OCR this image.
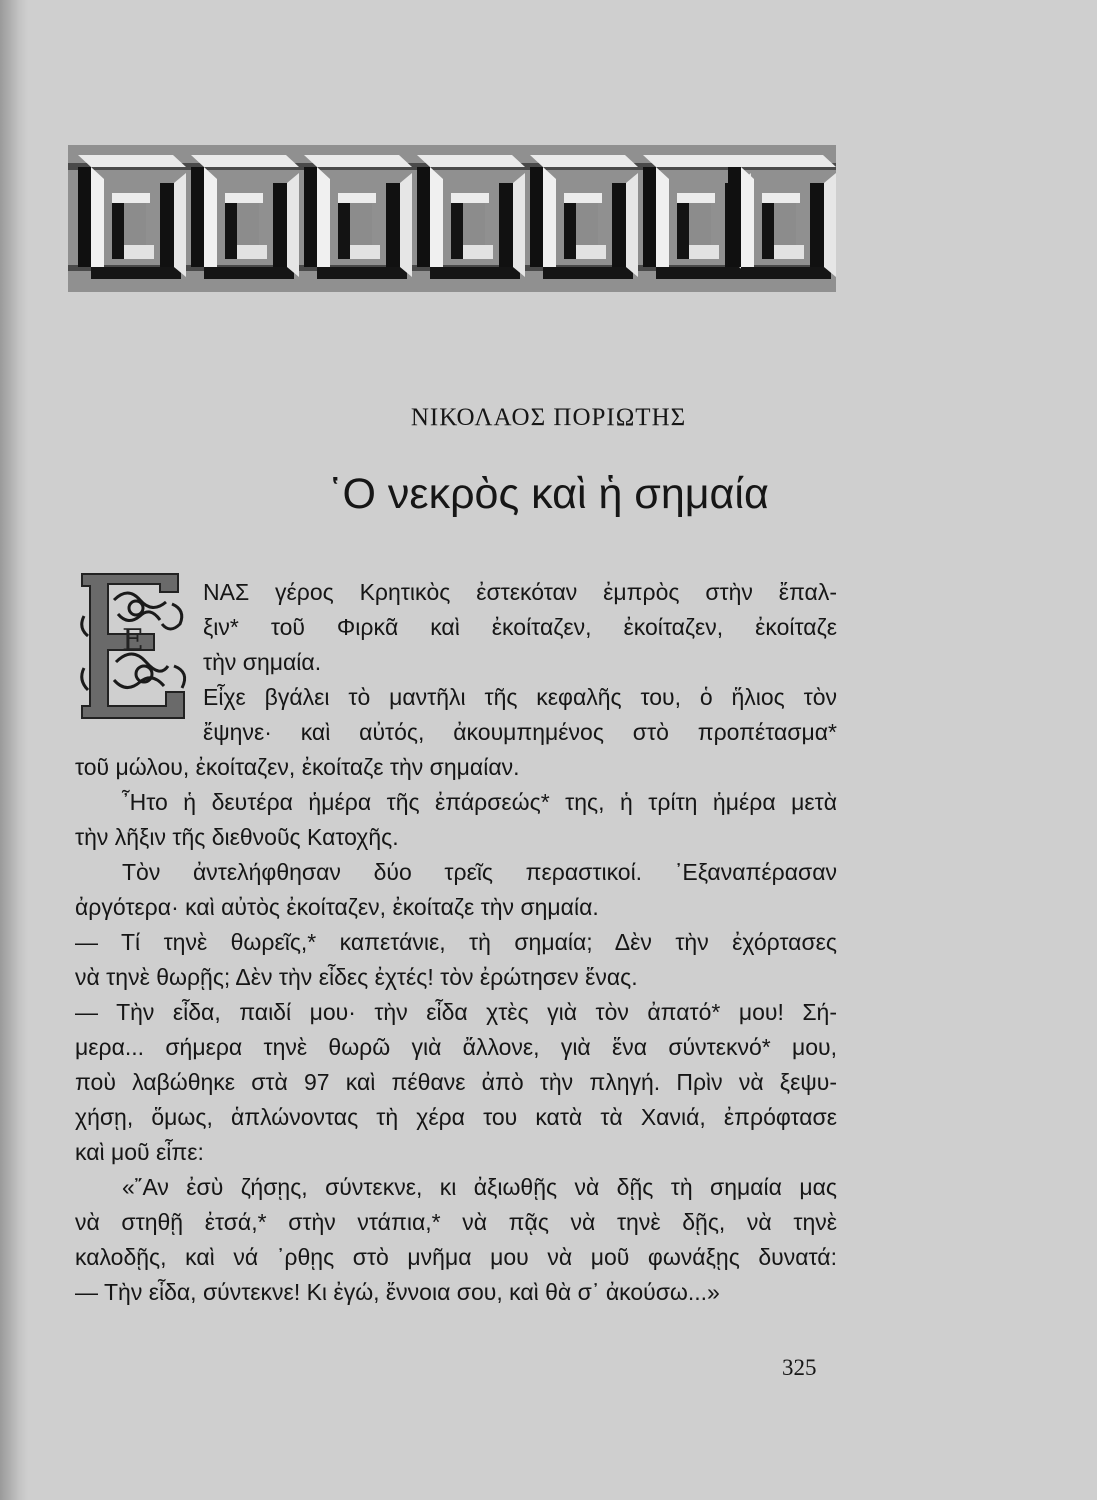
ΝΙΚΟΛΑΟΣ ΠΟΡΙΩΤΗΣ
῾Ο νεκρὸς καὶ ἡ σημαία
Ε
ΝΑΣ γέρος Κρητικὸς ἐστεκόταν ἐμπρὸς στὴν ἔπαλ-
ξιν* τοῦ Φιρκᾶ καὶ ἐκοίταζεν, ἐκοίταζεν, ἐκοίταζε
τὴν σημαία.
Εἶχε βγάλει τὸ μαντῆλι τῆς κεφαλῆς του, ὁ ἥλιος τὸν
ἔψηνε· καὶ αὐτός, ἀκουμπημένος στὸ προπέτασμα*
τοῦ μώλου, ἐκοίταζεν, ἐκοίταζε τὴν σημαίαν.
῏Ητο ἡ δευτέρα ἡμέρα τῆς ἐπάρσεώς* της, ἡ τρίτη ἡμέρα μετὰ
τὴν λῆξιν τῆς διεθνοῦς Κατοχῆς.
Τὸν ἀντελήφθησαν δύο τρεῖς περαστικοί. ᾿Εξαναπέρασαν
ἀργότερα· καὶ αὐτὸς ἐκοίταζεν, ἐκοίταζε τὴν σημαία.
— Τί τηνὲ θωρεῖς,* καπετάνιε, τὴ σημαία; Δὲν τὴν ἐχόρτασες
νὰ τηνὲ θωρῇς; Δὲν τὴν εἶδες ἐχτές! τὸν ἐρώτησεν ἕνας.
— Τὴν εἶδα, παιδί μου· τὴν εἶδα χτὲς γιὰ τὸν ἀπατό* μου! Σή-
μερα... σήμερα τηνὲ θωρῶ γιὰ ἄλλονε, γιὰ ἕνα σύντεκνό* μου,
ποὺ λαβώθηκε στὰ 97 καὶ πέθανε ἀπὸ τὴν πληγή. Πρὶν νὰ ξεψυ-
χήσῃ, ὅμως, ἁπλώνοντας τὴ χέρα του κατὰ τὰ Χανιά, ἐπρόφτασε
καὶ μοῦ εἶπε:
«῎Αν ἐσὺ ζήσῃς, σύντεκνε, κι ἀξιωθῇς νὰ δῇς τὴ σημαία μας
νὰ στηθῇ ἐτσά,* στὴν ντάπια,* νὰ πᾷς νὰ τηνὲ δῇς, νὰ τηνὲ
καλοδῇς, καὶ νά ᾽ρθῃς στὸ μνῆμα μου νὰ μοῦ φωνάξῃς δυνατά:
— Τὴν εἶδα, σύντεκνε! Κι ἐγώ, ἔννοια σου, καὶ θὰ σ᾽ ἀκούσω...»
325
